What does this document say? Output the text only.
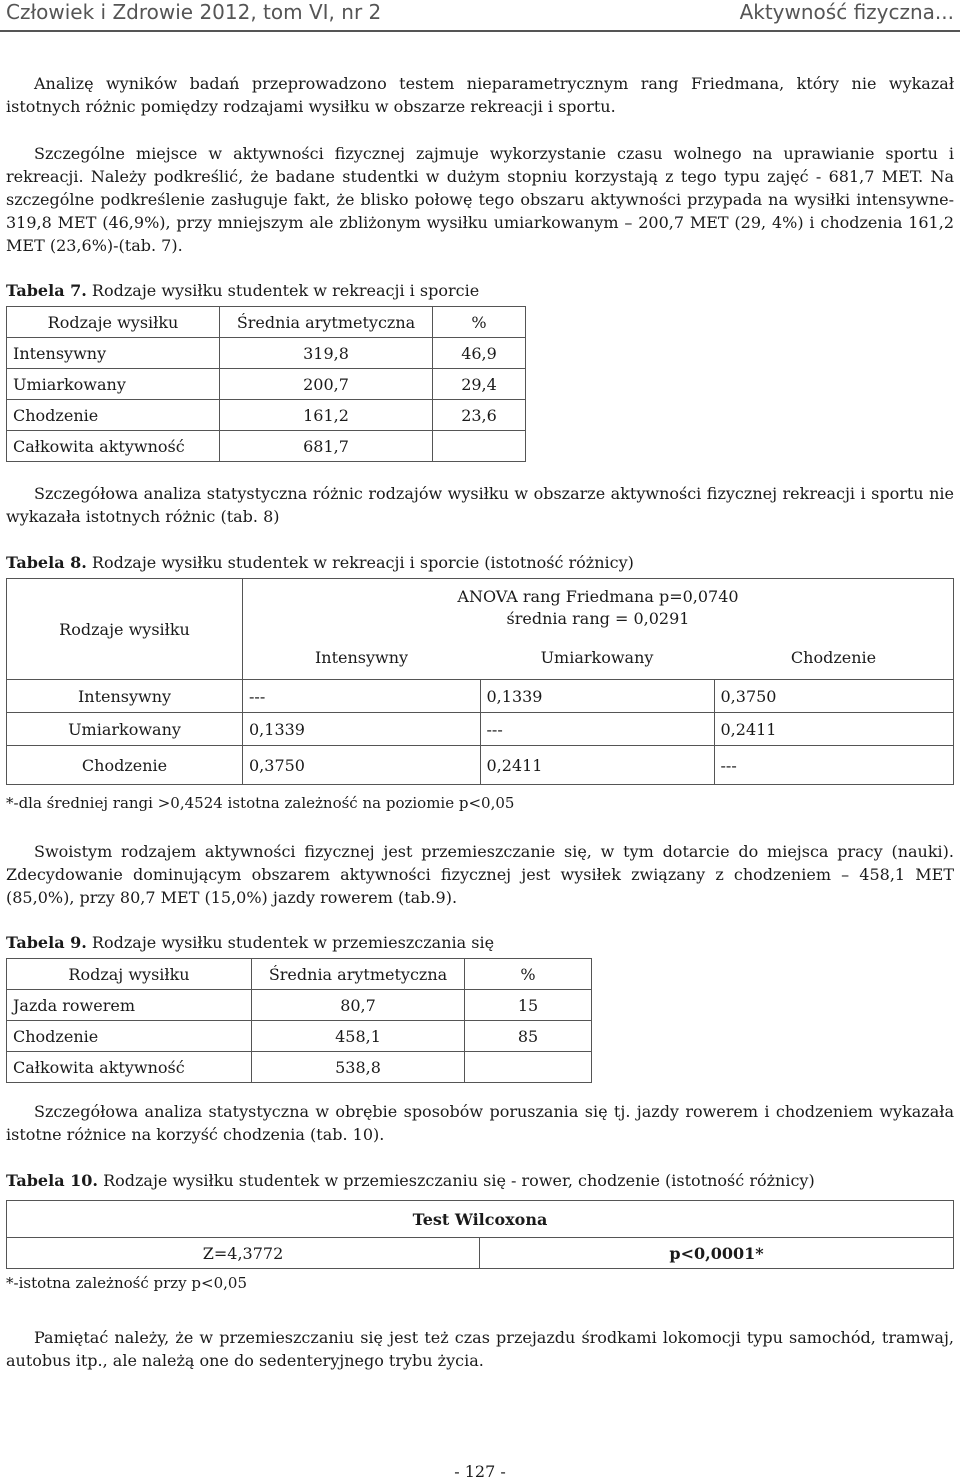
Człowiek i Zdrowie 2012, tom VI, nr 2	Aktywność fizyczna...

Analizę wyników badań przeprowadzono testem nieparametrycznym rang Friedmana, który nie wykazał istotnych różnic pomiędzy rodzajami wysiłku w obszarze rekreacji i sportu.

Szczególne miejsce w aktywności fizycznej zajmuje wykorzystanie czasu wolnego na uprawianie sportu i rekreacji. Należy podkreślić, że badane studentki w dużym stopniu korzystają z tego typu zajęć - 681,7 MET. Na szczególne podkreślenie zasługuje fakt, że blisko połowę tego obszaru aktywności przypada na wysiłki intensywne- 319,8 MET (46,9%), przy mniejszym ale zbliżonym wysiłku umiarkowanym – 200,7 MET (29, 4%) i chodzenia 161,2 MET (23,6%)-(tab. 7).

Tabela 7. Rodzaje wysiłku studentek w rekreacji i sporcie
Rodzaje wysiłku	Średnia arytmetyczna	%
Intensywny	319,8	46,9
Umiarkowany	200,7	29,4
Chodzenie	161,2	23,6
Całkowita aktywność	681,7	

Szczegółowa analiza statystyczna różnic rodzajów wysiłku w obszarze aktywności fizycznej rekreacji i sportu nie wykazała istotnych różnic (tab. 8)

Tabela 8. Rodzaje wysiłku studentek w rekreacji i sporcie (istotność różnicy)
Rodzaje wysiłku	ANOVA rang Friedmana p=0,0740
średnia rang = 0,0291		

	Intensywny	Umiarkowany	Chodzenie
Intensywny	---	0,1339	0,3750
Umiarkowany	0,1339	---	0,2411
Chodzenie	0,3750	0,2411	---
*-dla średniej rangi >0,4524 istotna zależność na poziomie p<0,05

Swoistym rodzajem aktywności fizycznej jest przemieszczanie się, w tym dotarcie do miejsca pracy (nauki). Zdecydowanie dominującym obszarem aktywności fizycznej jest wysiłek związany z chodzeniem – 458,1 MET (85,0%), przy 80,7 MET (15,0%) jazdy rowerem (tab.9).

Tabela 9. Rodzaje wysiłku studentek w przemieszczania się
Rodzaj wysiłku	Średnia arytmetyczna	%
Jazda rowerem	80,7	15
Chodzenie	458,1	85
Całkowita aktywność	538,8	

Szczegółowa analiza statystyczna w obrębie sposobów poruszania się tj. jazdy rowerem i chodzeniem wykazała istotne różnice na korzyść chodzenia (tab. 10).

Tabela 10. Rodzaje wysiłku studentek w przemieszczaniu się - rower, chodzenie (istotność różnicy)
Test Wilcoxona
Z=4,3772	p<0,0001*
*-istotna zależność przy p<0,05

Pamiętać należy, że w przemieszczaniu się jest też czas przejazdu środkami lokomocji typu samochód, tramwaj, autobus itp., ale należą one do sedenteryjnego trybu życia.

- 127 -
